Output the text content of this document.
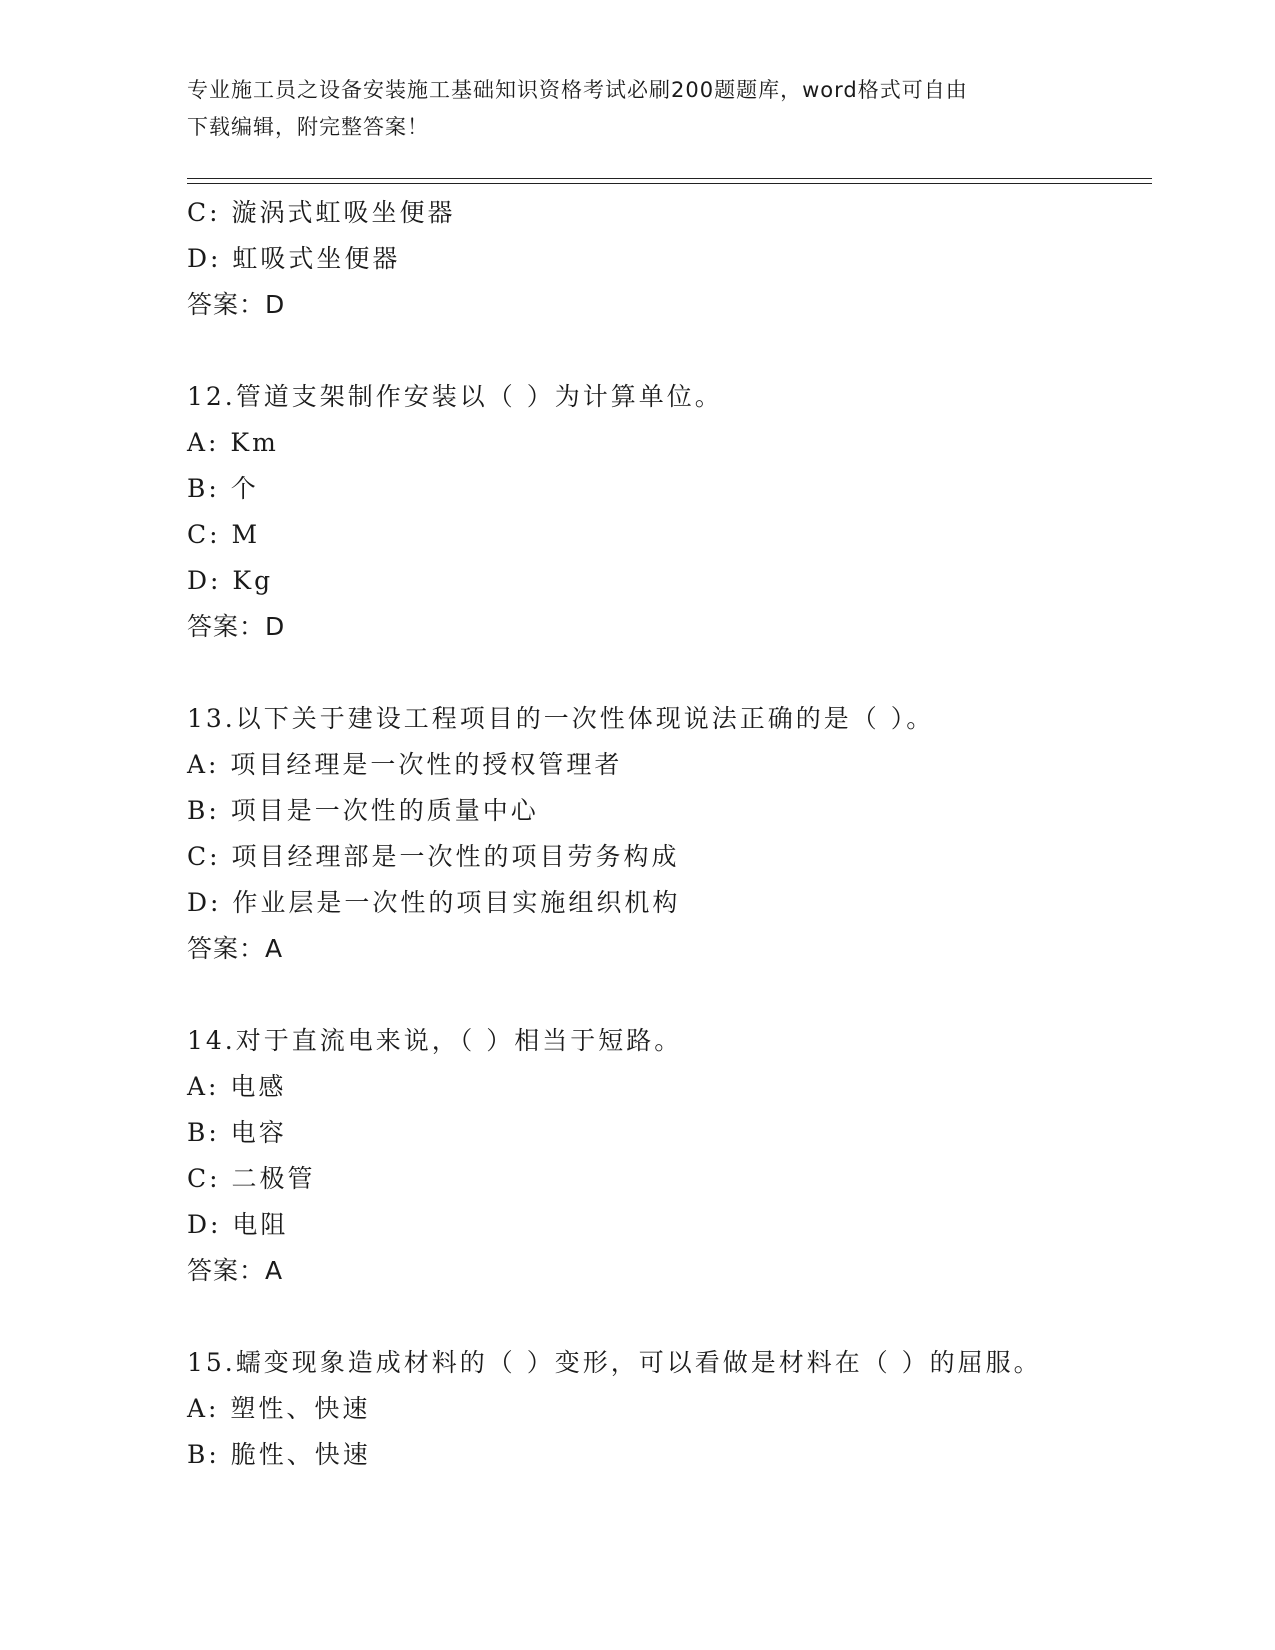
专业施工员之设备安装施工基础知识资格考试必刷200题题库，word格式可自由
下载编辑，附完整答案！
C: 漩涡式虹吸坐便器
D: 虹吸式坐便器
答案：D
12.管道支架制作安装以（ ）为计算单位。
A: Km
B: 个
C: M
D: Kg
答案：D
13.以下关于建设工程项目的一次性体现说法正确的是（ ）。
A: 项目经理是一次性的授权管理者
B: 项目是一次性的质量中心
C: 项目经理部是一次性的项目劳务构成
D: 作业层是一次性的项目实施组织机构
答案：A
14.对于直流电来说，（ ）相当于短路。
A: 电感
B: 电容
C: 二极管
D: 电阻
答案：A
15.蠕变现象造成材料的（ ）变形，可以看做是材料在（ ）的屈服。
A: 塑性、快速
B: 脆性、快速
